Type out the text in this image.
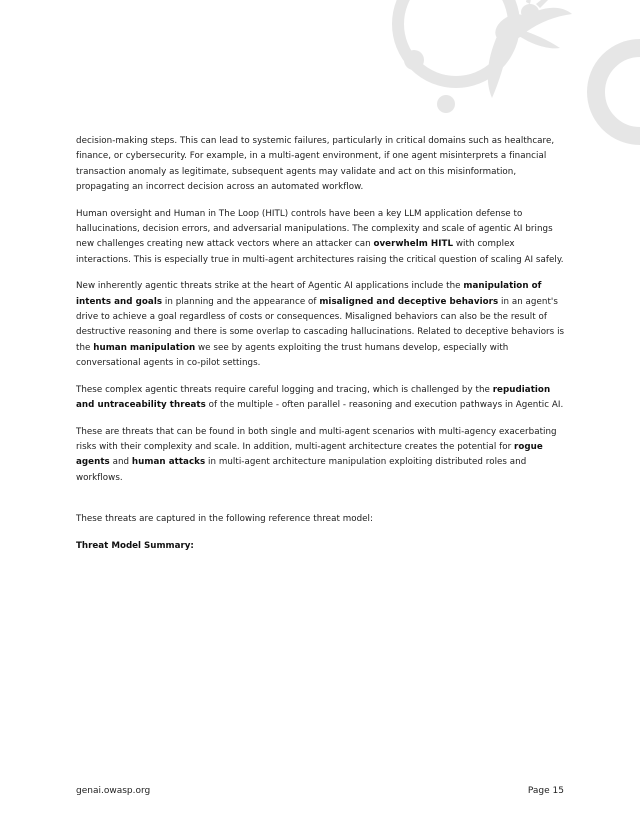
decision-making steps. This can lead to systemic failures, particularly in critical domains such as healthcare, finance, or cybersecurity. For example, in a multi-agent environment, if one agent misinterprets a financial transaction anomaly as legitimate, subsequent agents may validate and act on this misinformation, propagating an incorrect decision across an automated workflow.

Human oversight and Human in The Loop (HITL) controls have been a key LLM application defense to hallucinations, decision errors, and adversarial manipulations. The complexity and scale of agentic AI brings new challenges creating new attack vectors where an attacker can overwhelm HITL with complex interactions. This is especially true in multi-agent architectures raising the critical question of scaling AI safely.

New inherently agentic threats strike at the heart of Agentic AI applications include the manipulation of intents and goals in planning and the appearance of misaligned and deceptive behaviors in an agent's drive to achieve a goal regardless of costs or consequences. Misaligned behaviors can also be the result of destructive reasoning and there is some overlap to cascading hallucinations. Related to deceptive behaviors is the human manipulation we see by agents exploiting the trust humans develop, especially with conversational agents in co-pilot settings.

These complex agentic threats require careful logging and tracing, which is challenged by the repudiation and untraceability threats of the multiple - often parallel - reasoning and execution pathways in Agentic AI.

These are threats that can be found in both single and multi-agent scenarios with multi-agency exacerbating risks with their complexity and scale. In addition, multi-agent architecture creates the potential for rogue agents and human attacks in multi-agent architecture manipulation exploiting distributed roles and workflows.

These threats are captured in the following reference threat model:

Threat Model Summary:

genai.owasp.org	Page 15
